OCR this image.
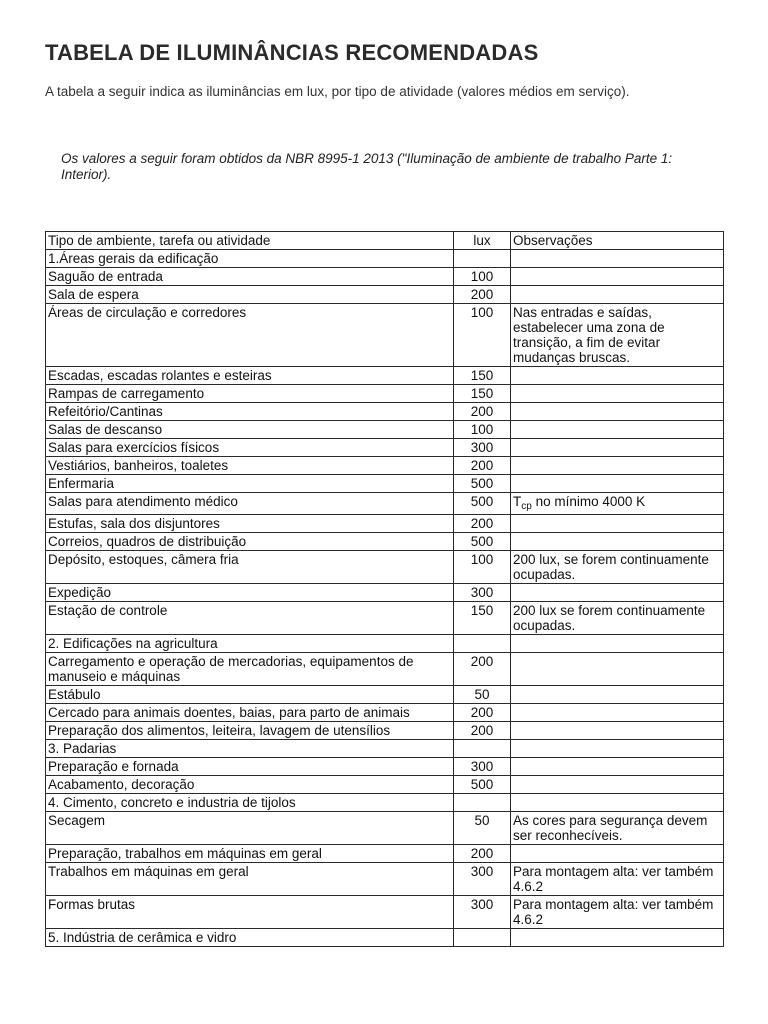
TABELA DE ILUMINÂNCIAS RECOMENDADAS
A tabela a seguir indica as iluminâncias em lux, por tipo de atividade (valores médios em serviço).
Os valores a seguir foram obtidos da NBR 8995-1 2013 ("Iluminação de ambiente de trabalho Parte 1: Interior).
Tipo de ambiente, tarefa ou atividade	lux	Observações
1.Áreas gerais da edificação		
Saguão de entrada	100	
Sala de espera	200	
Áreas de circulação e corredores	100	Nas entradas e saídas, estabelecer uma zona de transição, a fim de evitar mudanças bruscas.
Escadas, escadas rolantes e esteiras	150	
Rampas de carregamento	150	
Refeitório/Cantinas	200	
Salas de descanso	100	
Salas para exercícios físicos	300	
Vestiários, banheiros, toaletes	200	
Enfermaria	500	
Salas para atendimento médico	500	$T_{cp}$ no mínimo 4000 K
Estufas, sala dos disjuntores	200	
Correios, quadros de distribuição	500	
Depósito, estoques, câmera fria	100	200 lux, se forem continuamente ocupadas.
Expedição	300	
Estação de controle	150	200 lux se forem continuamente ocupadas.
2. Edificações na agricultura		
Carregamento e operação de mercadorias, equipamentos de manuseio e máquinas	200	
Estábulo	50	
Cercado para animais doentes, baias, para parto de animais	200	
Preparação dos alimentos, leiteira, lavagem de utensílios	200	
3. Padarias		
Preparação e fornada	300	
Acabamento, decoração	500	
4. Cimento, concreto e industria de tijolos		
Secagem	50	As cores para segurança devem ser reconhecíveis.
Preparação, trabalhos em máquinas em geral	200	
Trabalhos em máquinas em geral	300	Para montagem alta: ver também 4.6.2
Formas brutas	300	Para montagem alta: ver também 4.6.2
5. Indústria de cerâmica e vidro		
